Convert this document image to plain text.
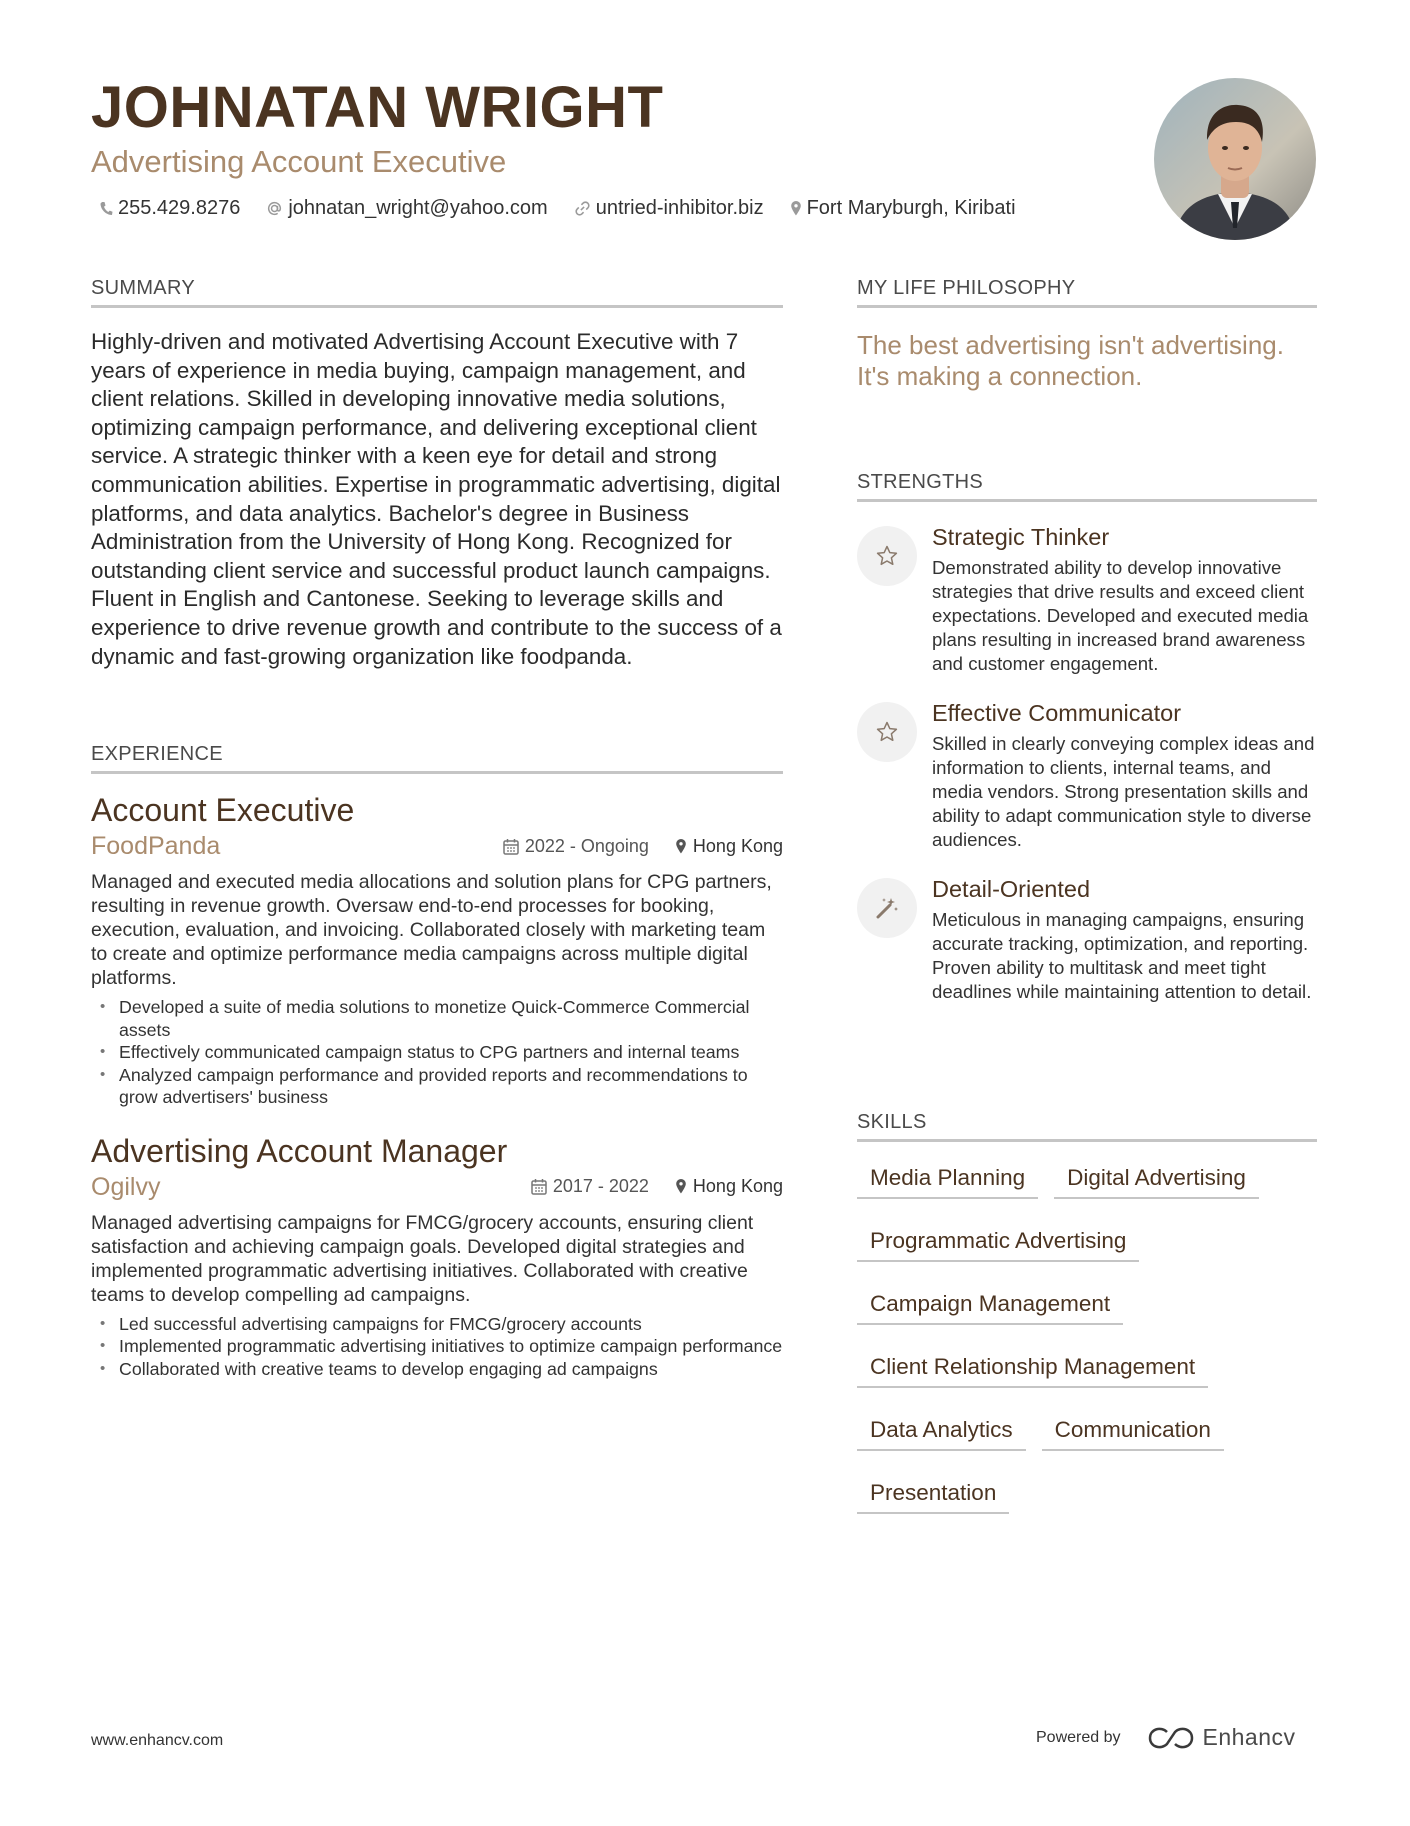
JOHNATAN WRIGHT
Advertising Account Executive
255.429.8276 johnatan_wright@yahoo.com untried-inhibitor.biz Fort Maryburgh, Kiribati
SUMMARY

Highly-driven and motivated Advertising Account Executive with 7 years of experience in media buying, campaign management, and client relations. Skilled in developing innovative media solutions, optimizing campaign performance, and delivering exceptional client service. A strategic thinker with a keen eye for detail and strong communication abilities. Expertise in programmatic advertising, digital platforms, and data analytics. Bachelor's degree in Business Administration from the University of Hong Kong. Recognized for outstanding client service and successful product launch campaigns. Fluent in English and Cantonese. Seeking to leverage skills and experience to drive revenue growth and contribute to the success of a dynamic and fast-growing organization like foodpanda.

EXPERIENCE
Account Executive
FoodPanda	2022 - Ongoing Hong Kong

Managed and executed media allocations and solution plans for CPG partners, resulting in revenue growth. Oversaw end-to-end processes for booking, execution, evaluation, and invoicing. Collaborated closely with marketing team to create and optimize performance media campaigns across multiple digital platforms.

• Developed a suite of media solutions to monetize Quick-Commerce Commercial assets
• Effectively communicated campaign status to CPG partners and internal teams
• Analyzed campaign performance and provided reports and recommendations to grow advertisers' business
Advertising Account Manager
Ogilvy	2017 - 2022 Hong Kong

Managed advertising campaigns for FMCG/grocery accounts, ensuring client satisfaction and achieving campaign goals. Developed digital strategies and implemented programmatic advertising initiatives. Collaborated with creative teams to develop compelling ad campaigns.

• Led successful advertising campaigns for FMCG/grocery accounts
• Implemented programmatic advertising initiatives to optimize campaign performance
• Collaborated with creative teams to develop engaging ad campaigns
MY LIFE PHILOSOPHY

The best advertising isn't advertising. It's making a connection.

STRENGTHS
Strategic Thinker

Demonstrated ability to develop innovative strategies that drive results and exceed client expectations. Developed and executed media plans resulting in increased brand awareness and customer engagement.

Effective Communicator

Skilled in clearly conveying complex ideas and information to clients, internal teams, and media vendors. Strong presentation skills and ability to adapt communication style to diverse audiences.

Detail-Oriented

Meticulous in managing campaigns, ensuring accurate tracking, optimization, and reporting. Proven ability to multitask and meet tight deadlines while maintaining attention to detail.

SKILLS
Media Planning	Digital Advertising
Programmatic Advertising
Campaign Management
Client Relationship Management
Data Analytics	Communication
Presentation
www.enhancv.com	Powered by	Enhancv
